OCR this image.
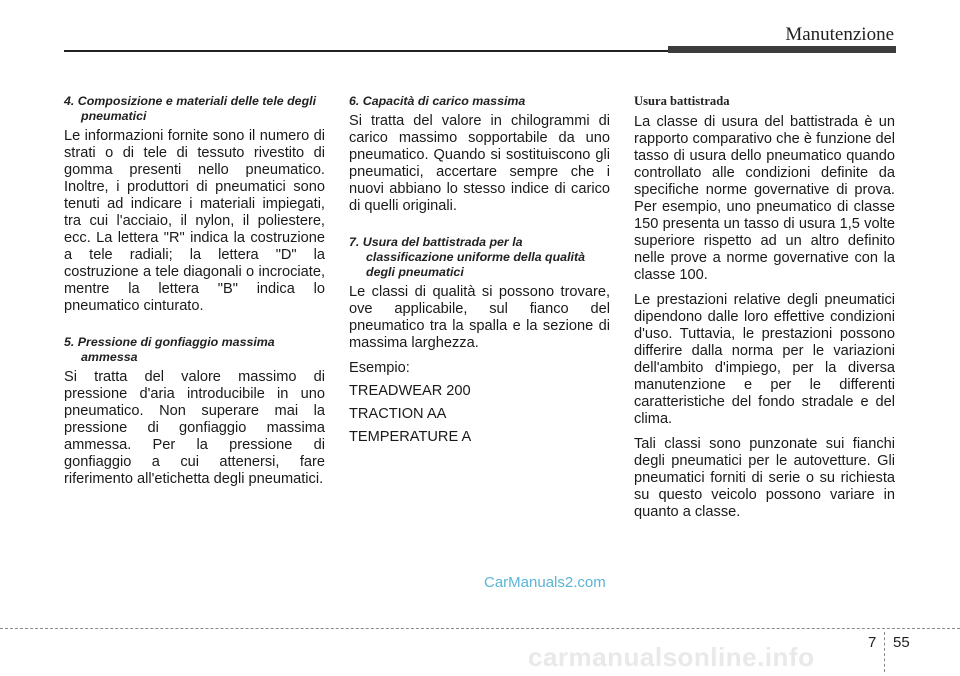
Manutenzione
4. Composizione e materiali delle tele degli pneumatici
Le informazioni fornite sono il numero di strati o di tele di tessuto rivestito di gomma presenti nello pneumatico. Inoltre, i produttori di pneumatici sono tenuti ad indicare i materiali impiegati, tra cui l'acciaio, il nylon, il poliestere, ecc. La lettera "R" indica la costruzione a tele radiali; la lettera "D" la costruzione a tele diagonali o incrociate, mentre la lettera "B" indica lo pneumatico cinturato.
5. Pressione di gonfiaggio massima ammessa
Si tratta del valore massimo di pressione d'aria introducibile in uno pneumatico. Non superare mai la pressione di gonfiaggio massima ammessa. Per la pressione di gonfiaggio a cui attenersi, fare riferimento all'etichetta degli pneumatici.
6. Capacità di carico massima
Si tratta del valore in chilogrammi di carico massimo sopportabile da uno pneumatico. Quando si sostituiscono gli pneumatici, accertare sempre che i nuovi abbiano lo stesso indice di carico di quelli originali.
7. Usura del battistrada per la classificazione uniforme della qualità degli pneumatici
Le classi di qualità si possono trovare, ove applicabile, sul fianco del pneumatico tra la spalla e la sezione di massima larghezza.
Esempio:
TREADWEAR 200
TRACTION AA
TEMPERATURE A
Usura battistrada
La classe di usura del battistrada è un rapporto comparativo che è funzione del tasso di usura dello pneumatico quando controllato alle condizioni definite da specifiche norme governative di prova. Per esempio, uno pneumatico di classe 150 presenta un tasso di usura 1,5 volte superiore rispetto ad un altro definito nelle prove a norme governative con la classe 100.
Le prestazioni relative degli pneumatici dipendono dalle loro effettive condizioni d'uso. Tuttavia, le prestazioni possono differire dalla norma per le variazioni dell'ambito d'impiego, per la diversa manutenzione e per le differenti caratteristiche del fondo stradale e del clima.
Tali classi sono punzonate sui fianchi degli pneumatici per le autovetture. Gli pneumatici forniti di serie o su richiesta su questo veicolo possono variare in quanto a classe.
CarManuals2.com
7 55
carmanualsonline.info
